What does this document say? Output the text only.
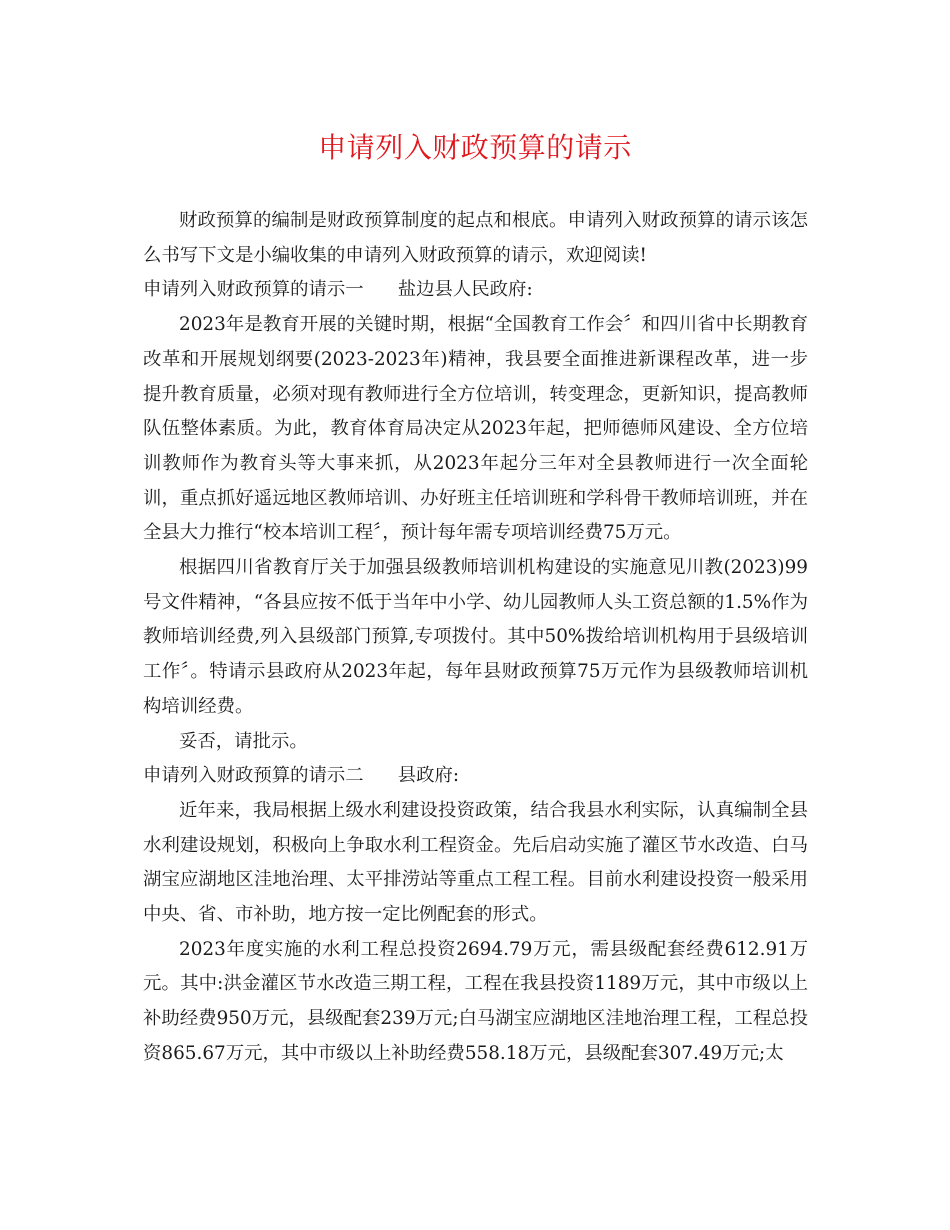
申请列入财政预算的请示

财政预算的编制是财政预算制度的起点和根底。申请列入财政预算的请示该怎么书写下文是小编收集的申请列入财政预算的请示，欢迎阅读!

申请列入财政预算的请示一 盐边县人民政府:

2023年是教育开展的关键时期，根据“全国教育工作会〞和四川省中长期教育改革和开展规划纲要(2023-2023年)精神，我县要全面推进新课程改革，进一步提升教育质量，必须对现有教师进行全方位培训，转变理念，更新知识，提高教师队伍整体素质。为此，教育体育局决定从2023年起，把师德师风建设、全方位培训教师作为教育头等大事来抓，从2023年起分三年对全县教师进行一次全面轮训，重点抓好遥远地区教师培训、办好班主任培训班和学科骨干教师培训班，并在全县大力推行“校本培训工程〞，预计每年需专项培训经费75万元。

根据四川省教育厅关于加强县级教师培训机构建设的实施意见川教(2023)99号文件精神，“各县应按不低于当年中小学、幼儿园教师人头工资总额的1.5%作为教师培训经费,列入县级部门预算,专项拨付。其中50%拨给培训机构用于县级培训工作〞。特请示县政府从2023年起，每年县财政预算75万元作为县级教师培训机构培训经费。

妥否，请批示。

申请列入财政预算的请示二 县政府:

近年来，我局根据上级水利建设投资政策，结合我县水利实际，认真编制全县水利建设规划，积极向上争取水利工程资金。先后启动实施了灌区节水改造、白马湖宝应湖地区洼地治理、太平排涝站等重点工程工程。目前水利建设投资一般采用中央、省、市补助，地方按一定比例配套的形式。

2023年度实施的水利工程总投资2694.79万元，需县级配套经费612.91万元。其中:洪金灌区节水改造三期工程，工程在我县投资1189万元，其中市级以上补助经费950万元，县级配套239万元;白马湖宝应湖地区洼地治理工程，工程总投资865.67万元，其中市级以上补助经费558.18万元，县级配套307.49万元;太
